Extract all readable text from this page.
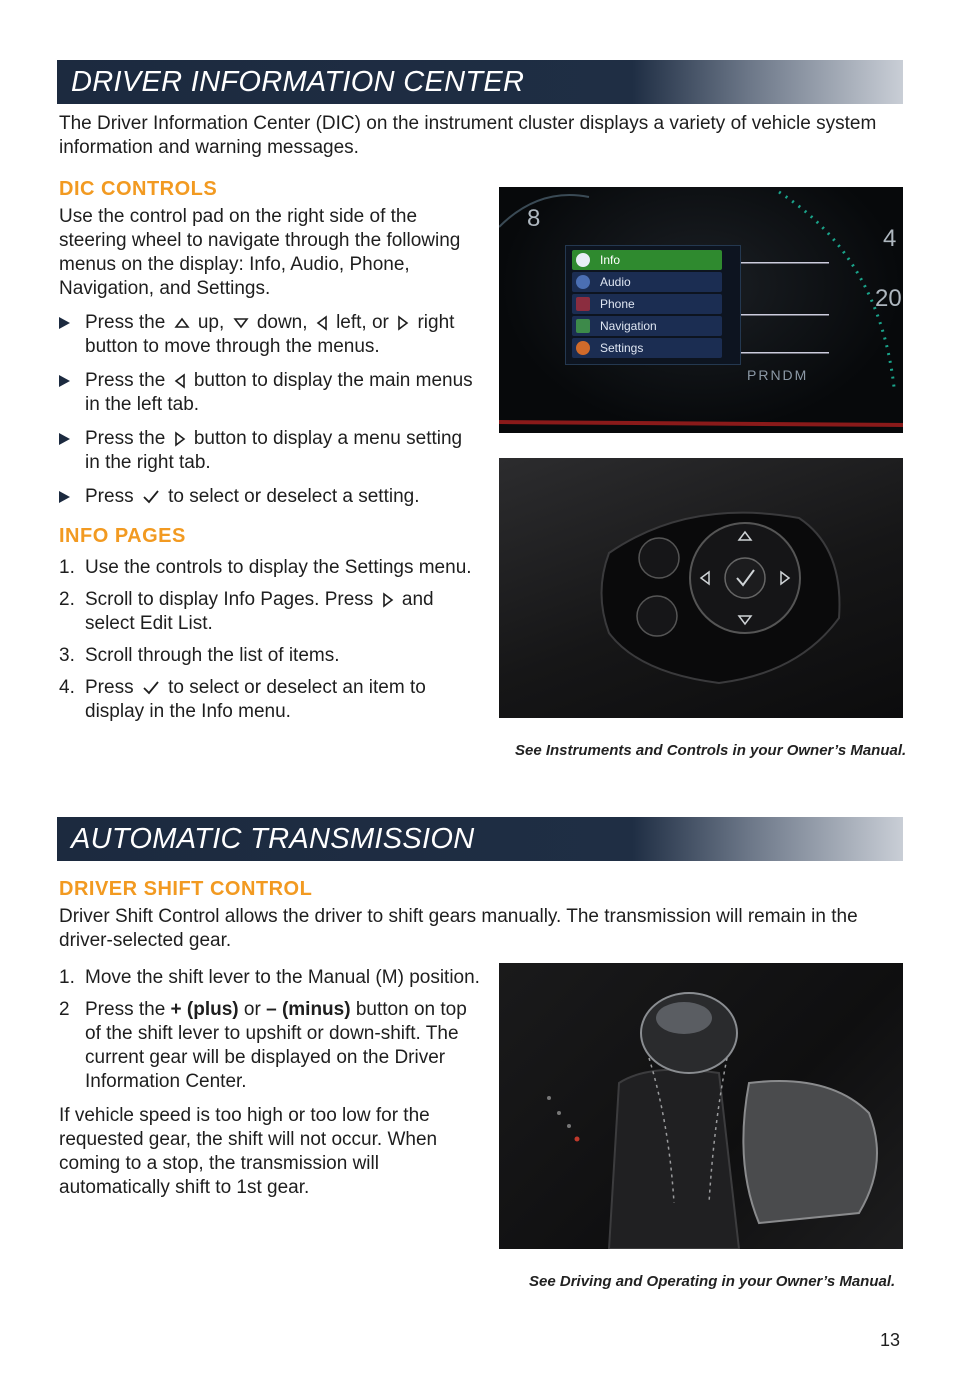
DRIVER INFORMATION CENTER
The Driver Information Center (DIC) on the instrument cluster displays a variety of vehicle system information and warning messages.
DIC CONTROLS
Use the control pad on the right side of the steering wheel to navigate through the following menus on the display: Info, Audio, Phone, Navigation, and Settings.
Press the up, down, left, or right button to move through the menus.
Press the button to display the main menus in the left tab.
Press the button to display a menu setting in the right tab.
Press to select or deselect a setting.
INFO PAGES
1. Use the controls to display the Settings menu.
2. Scroll to display Info Pages. Press and select Edit List.
3. Scroll through the list of items.
4. Press to select or deselect an item to display in the Info menu.
8
4
20
Info
Audio
Phone
Navigation
Settings
PRNDM
See Instruments and Controls in your Owner’s Manual.
AUTOMATIC TRANSMISSION
DRIVER SHIFT CONTROL
Driver Shift Control allows the driver to shift gears manually. The transmission will remain in the driver-selected gear.
1. Move the shift lever to the Manual (M) position.
2 Press the + (plus) or – (minus) button on top of the shift lever to upshift or down-shift. The current gear will be displayed on the Driver Information Center.
If vehicle speed is too high or too low for the requested gear, the shift will not occur. When coming to a stop, the transmission will automatically shift to 1st gear.
See Driving and Operating in your Owner’s Manual.
13
